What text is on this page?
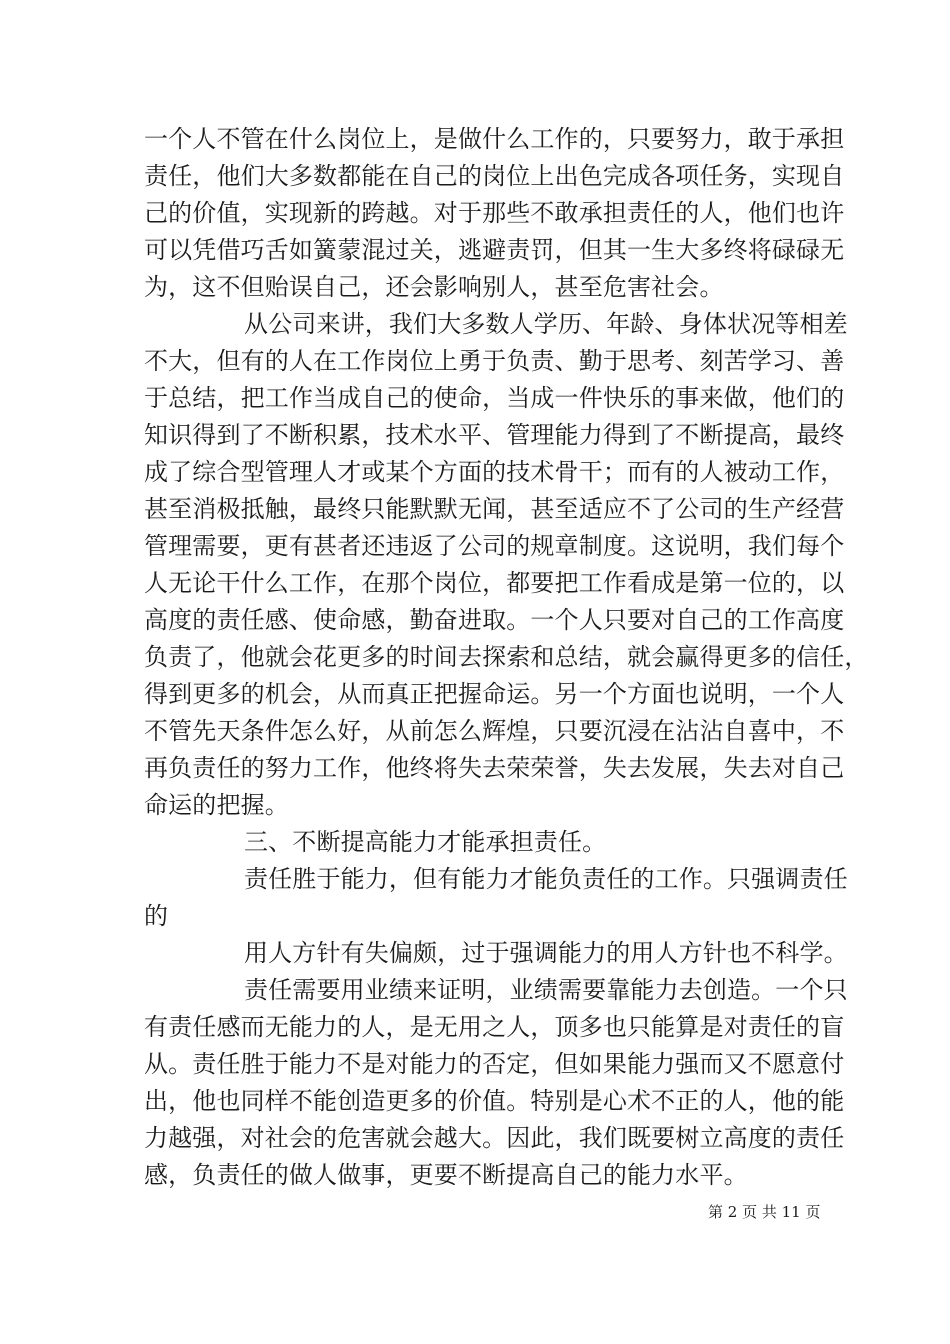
一个人不管在什么岗位上，是做什么工作的，只要努力，敢于承担
责任，他们大多数都能在自己的岗位上出色完成各项任务，实现自
己的价值，实现新的跨越。对于那些不敢承担责任的人，他们也许
可以凭借巧舌如簧蒙混过关，逃避责罚，但其一生大多终将碌碌无
为，这不但贻误自己，还会影响别人，甚至危害社会。
从公司来讲，我们大多数人学历、年龄、身体状况等相差
不大，但有的人在工作岗位上勇于负责、勤于思考、刻苦学习、善
于总结，把工作当成自己的使命，当成一件快乐的事来做，他们的
知识得到了不断积累，技术水平、管理能力得到了不断提高，最终
成了综合型管理人才或某个方面的技术骨干；而有的人被动工作，
甚至消极抵触，最终只能默默无闻，甚至适应不了公司的生产经营
管理需要，更有甚者还违返了公司的规章制度。这说明，我们每个
人无论干什么工作，在那个岗位，都要把工作看成是第一位的，以
高度的责任感、使命感，勤奋进取。一个人只要对自己的工作高度
负责了，他就会花更多的时间去探索和总结，就会赢得更多的信任，
得到更多的机会，从而真正把握命运。另一个方面也说明，一个人
不管先天条件怎么好，从前怎么辉煌，只要沉浸在沾沾自喜中，不
再负责任的努力工作，他终将失去荣荣誉，失去发展，失去对自己
命运的把握。
三、不断提高能力才能承担责任。
责任胜于能力，但有能力才能负责任的工作。只强调责任
的
用人方针有失偏颇，过于强调能力的用人方针也不科学。
责任需要用业绩来证明，业绩需要靠能力去创造。一个只
有责任感而无能力的人，是无用之人，顶多也只能算是对责任的盲
从。责任胜于能力不是对能力的否定，但如果能力强而又不愿意付
出，他也同样不能创造更多的价值。特别是心术不正的人，他的能
力越强，对社会的危害就会越大。因此，我们既要树立高度的责任
感，负责任的做人做事，更要不断提高自己的能力水平。
第 2 页 共 11 页
